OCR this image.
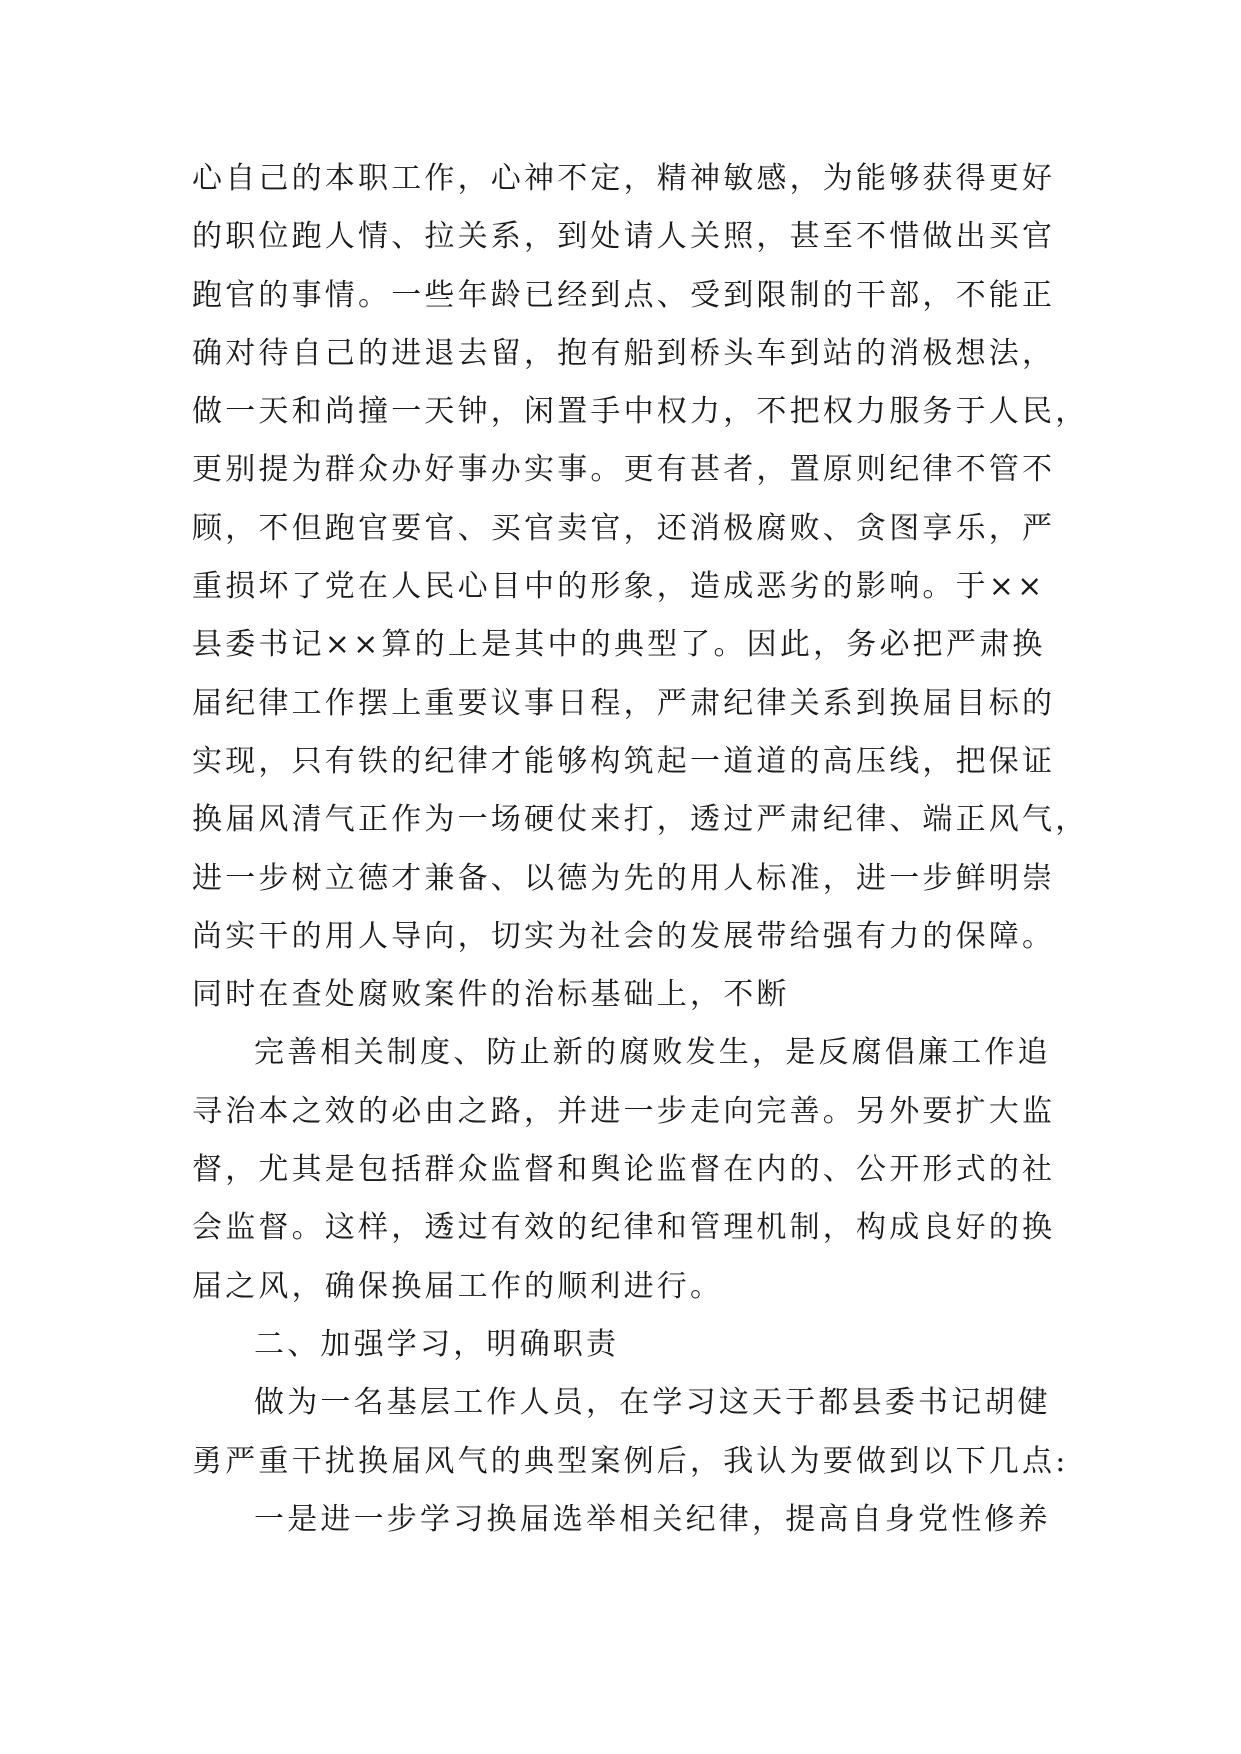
心自己的本职工作，心神不定，精神敏感，为能够获得更好
的职位跑人情、拉关系，到处请人关照，甚至不惜做出买官
跑官的事情。一些年龄已经到点、受到限制的干部，不能正
确对待自己的进退去留，抱有船到桥头车到站的消极想法，
做一天和尚撞一天钟，闲置手中权力，不把权力服务于人民，
更别提为群众办好事办实事。更有甚者，置原则纪律不管不
顾，不但跑官要官、买官卖官，还消极腐败、贪图享乐，严
重损坏了党在人民心目中的形象，造成恶劣的影响。于××
县委书记××算的上是其中的典型了。因此，务必把严肃换
届纪律工作摆上重要议事日程，严肃纪律关系到换届目标的
实现，只有铁的纪律才能够构筑起一道道的高压线，把保证
换届风清气正作为一场硬仗来打，透过严肃纪律、端正风气，
进一步树立德才兼备、以德为先的用人标准，进一步鲜明崇
尚实干的用人导向，切实为社会的发展带给强有力的保障。
同时在查处腐败案件的治标基础上，不断
完善相关制度、防止新的腐败发生，是反腐倡廉工作追
寻治本之效的必由之路，并进一步走向完善。另外要扩大监
督，尤其是包括群众监督和舆论监督在内的、公开形式的社
会监督。这样，透过有效的纪律和管理机制，构成良好的换
届之风，确保换届工作的顺利进行。
二、加强学习，明确职责
做为一名基层工作人员，在学习这天于都县委书记胡健
勇严重干扰换届风气的典型案例后，我认为要做到以下几点:
一是进一步学习换届选举相关纪律，提高自身党性修养
